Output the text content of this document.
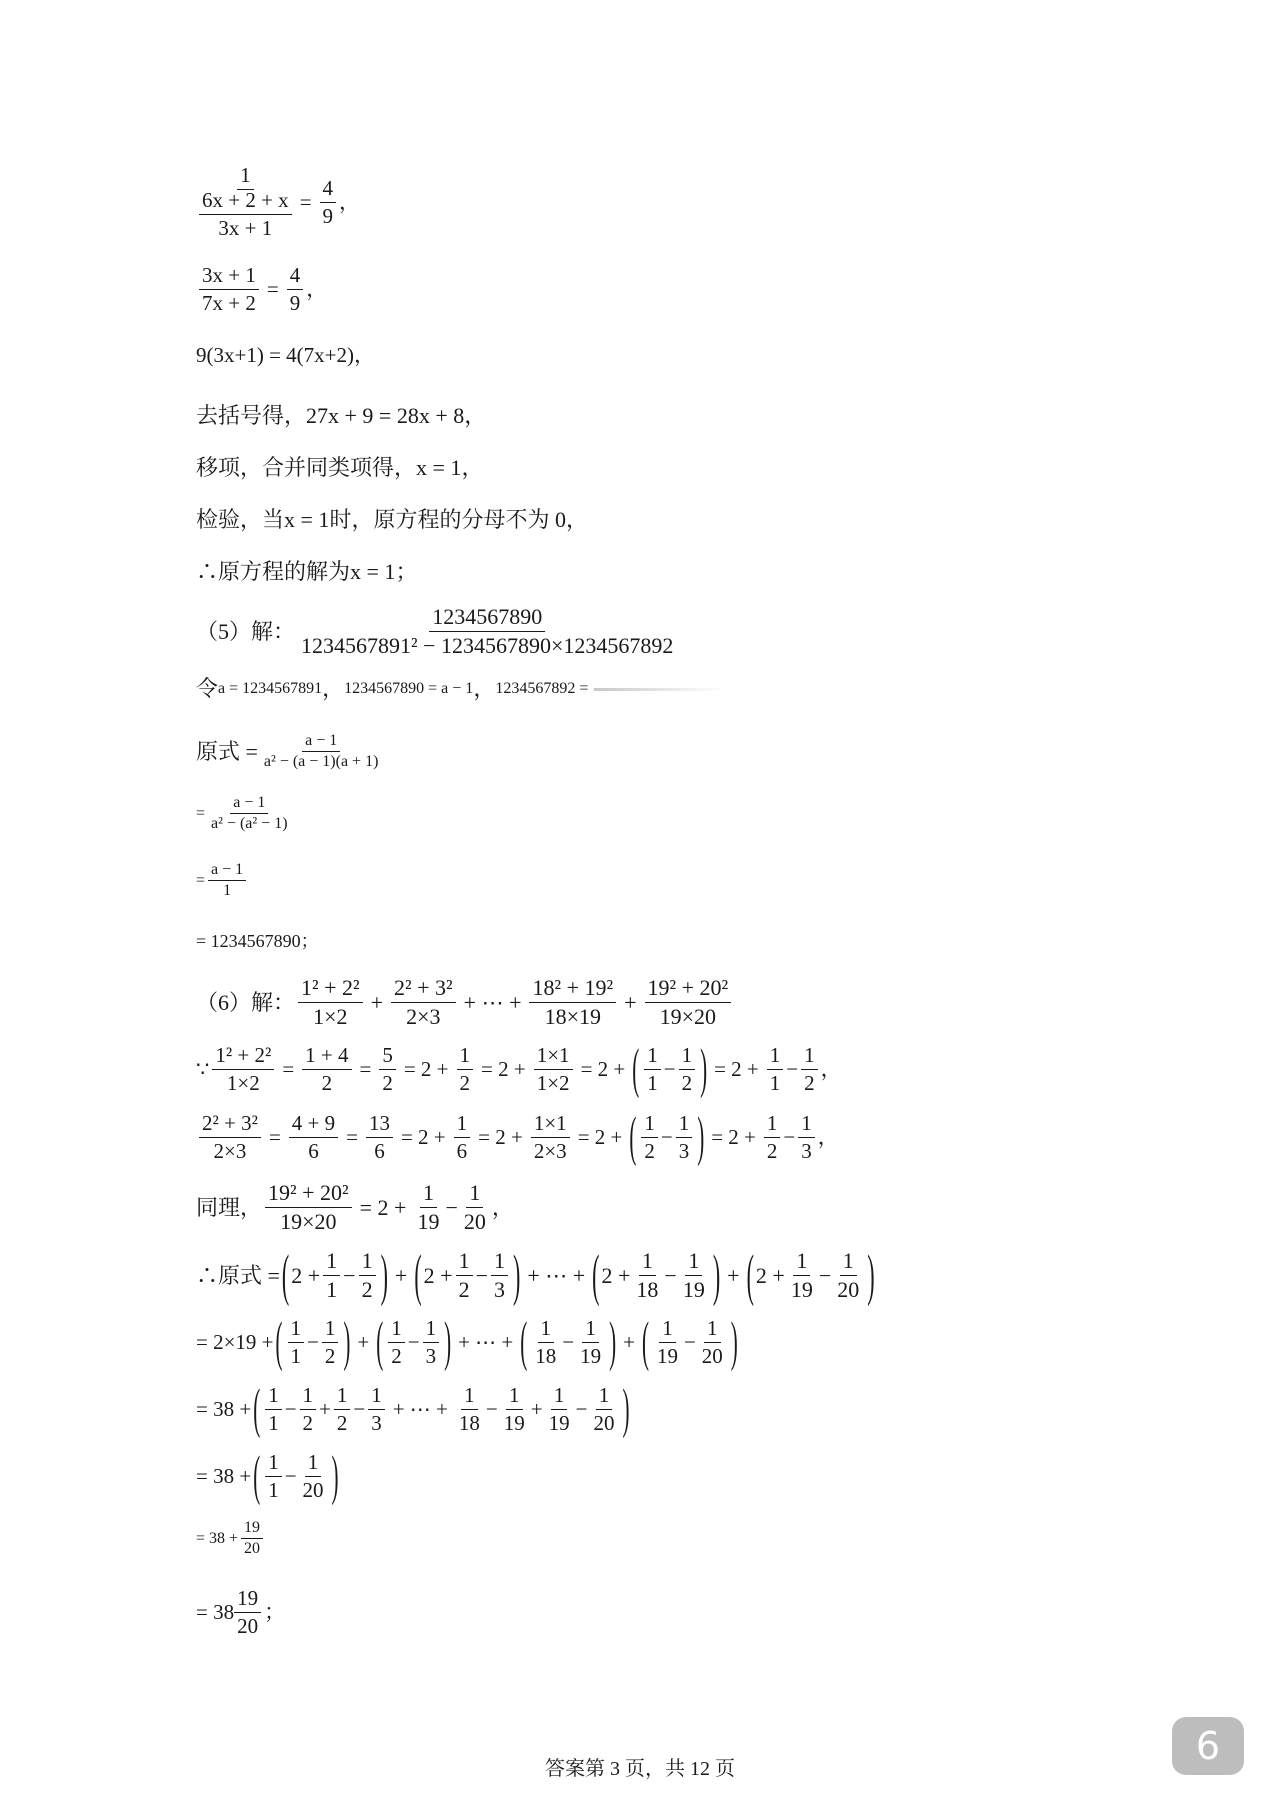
$\frac{1}{\frac{6x + 2 + x}{3x + 1}} = \frac{4}{9}$ ，
$\frac{3x + 1}{7x + 2} = \frac{4}{9}$ ，
9(3x+1) = 4(7x+2) ，
去括号得， 27x + 9 = 28x + 8 ，
移项，合并同类项得， x = 1 ，
检验，当 x = 1 时，原方程的分母不为 0，
∴原方程的解为 x = 1 ；
（5）解：
1234567890
1234567891² − 1234567890×1234567892
令 a = 1234567891 ， 1234567890 = a − 1 ， 1234567892 =
原式 = $\frac{a - 1}{\text{a² − (a − 1)(a + 1)}}$
= $\frac{a - 1}{\text{a² − (a² − 1)}}$
= $\frac{a - 1}{1}$
= 1234567890；
（6）解：
1² + 2²
1×2
+ $\frac{\text{2² + 3²}}{2\times 3}$ + ⋯ + $\frac{\text{18² + 19²}}{18\times 19} + \frac{\text{19² + 20²}}{19\times 20}$
∵ $\frac{\text{1² + 2²}}{1\times 2} = \frac{1 + 4}{2} = \frac{5}{2} = 2 + \frac{1}{2} = 2 + \frac{1\times 1}{1\times 2} = 2$ + ( 1
1
−
1
2 ) = $2 + \frac{1}{1}$ −
1
2
，
$\frac{\text{2² + 3²}}{2\times 3} = \frac{4 + 9}{6} = \frac{13}{6} = 2 + \frac{1}{6} = 2 + \frac{1\times 1}{2\times 3} = 2$ + ( 1
2
−
1
3 ) = $2 + \frac{1}{2}$ −
1
3
，
同理， $\frac{\text{19² + 20²}}{19\times 20} = 2 + \frac{1}{19}$ −
1
20
，
∴原式 = ( 2 +
1
1
−
1
2 ) + ( 2 +
1
2
−
1
3 ) + ⋯ + ( 2 +
1
18
−
1
19 ) + ( 2 +
1
19
−
1
20 )
= 2×19 + ( 1
1
−
1
2 ) + ( 1
2
−
1
3 ) + ⋯ + ( 1
18
−
1
19 ) + ( 1
19
−
1
20 )
= 38 + ( 1
1
−
1
2
+
1
2
−
1
3
+ ⋯ + $\frac{1}{18}$ −
1
19
+
1
19
−
1
20 )
= 38 + ( 1
1
−
1
20 )
= $38 + \frac{19}{20}$
= 38
19
20
；
答案第 3 页，共 12 页
6
